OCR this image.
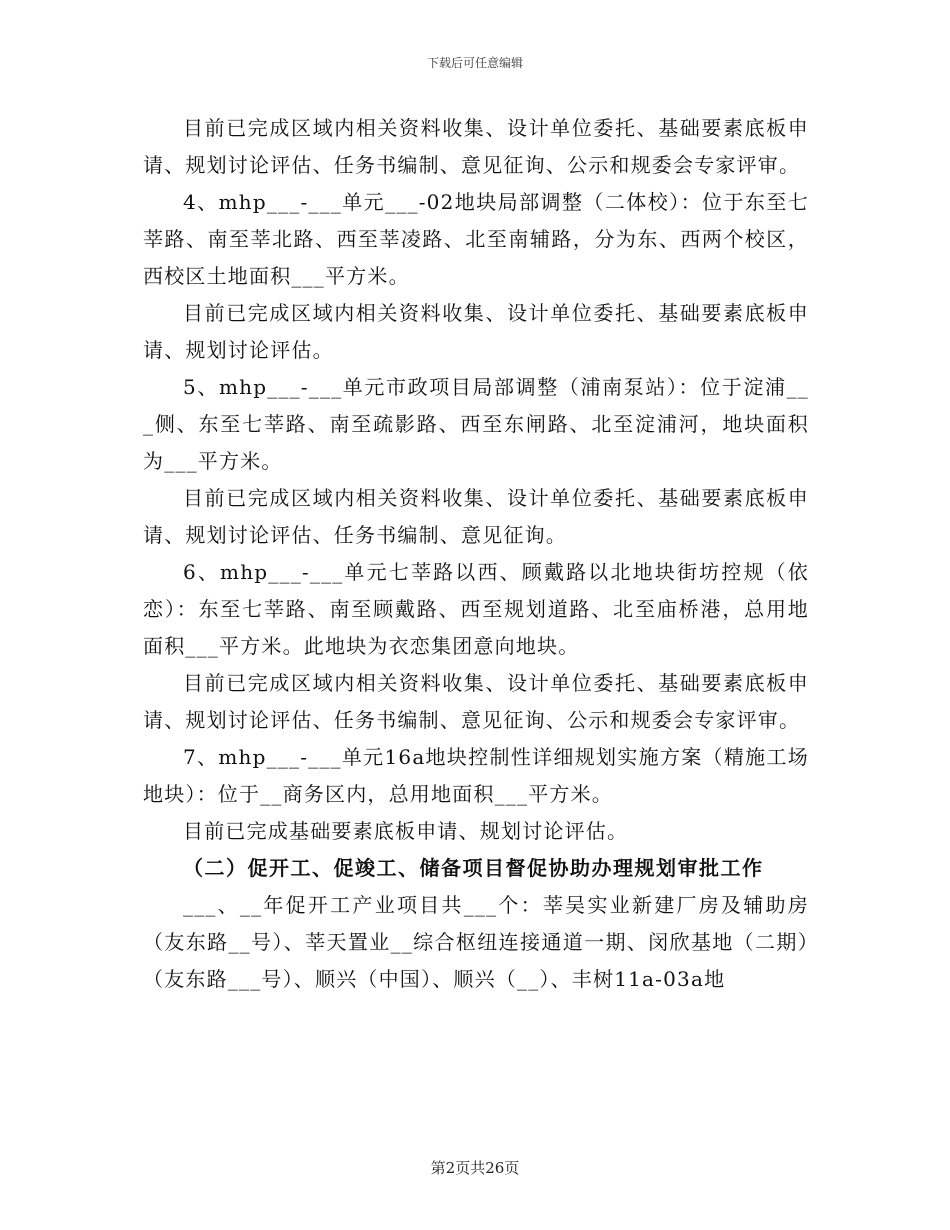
下载后可任意编辑

目前已完成区域内相关资料收集、设计单位委托、基础要素底板申请、规划讨论评估、任务书编制、意见征询、公示和规委会专家评审。

4、mhp___-___单元___-02地块局部调整（二体校）：位于东至七莘路、南至莘北路、西至莘凌路、北至南辅路，分为东、西两个校区，西校区土地面积___平方米。

目前已完成区域内相关资料收集、设计单位委托、基础要素底板申请、规划讨论评估。

5、mhp___-___单元市政项目局部调整（浦南泵站）：位于淀浦___侧、东至七莘路、南至疏影路、西至东闸路、北至淀浦河，地块面积为___平方米。

目前已完成区域内相关资料收集、设计单位委托、基础要素底板申请、规划讨论评估、任务书编制、意见征询。

6、mhp___-___单元七莘路以西、顾戴路以北地块街坊控规（依恋）：东至七莘路、南至顾戴路、西至规划道路、北至庙桥港，总用地面积___平方米。此地块为衣恋集团意向地块。

目前已完成区域内相关资料收集、设计单位委托、基础要素底板申请、规划讨论评估、任务书编制、意见征询、公示和规委会专家评审。

7、mhp___-___单元16a地块控制性详细规划实施方案（精施工场地块）：位于__商务区内，总用地面积___平方米。

目前已完成基础要素底板申请、规划讨论评估。

（二）促开工、促竣工、储备项目督促协助办理规划审批工作

___、__年促开工产业项目共___个：莘吴实业新建厂房及辅助房（友东路__号）、莘天置业__综合枢纽连接通道一期、闵欣基地（二期）（友东路___号）、顺兴（中国）、顺兴（__）、丰树11a-03a地

第2页共26页
